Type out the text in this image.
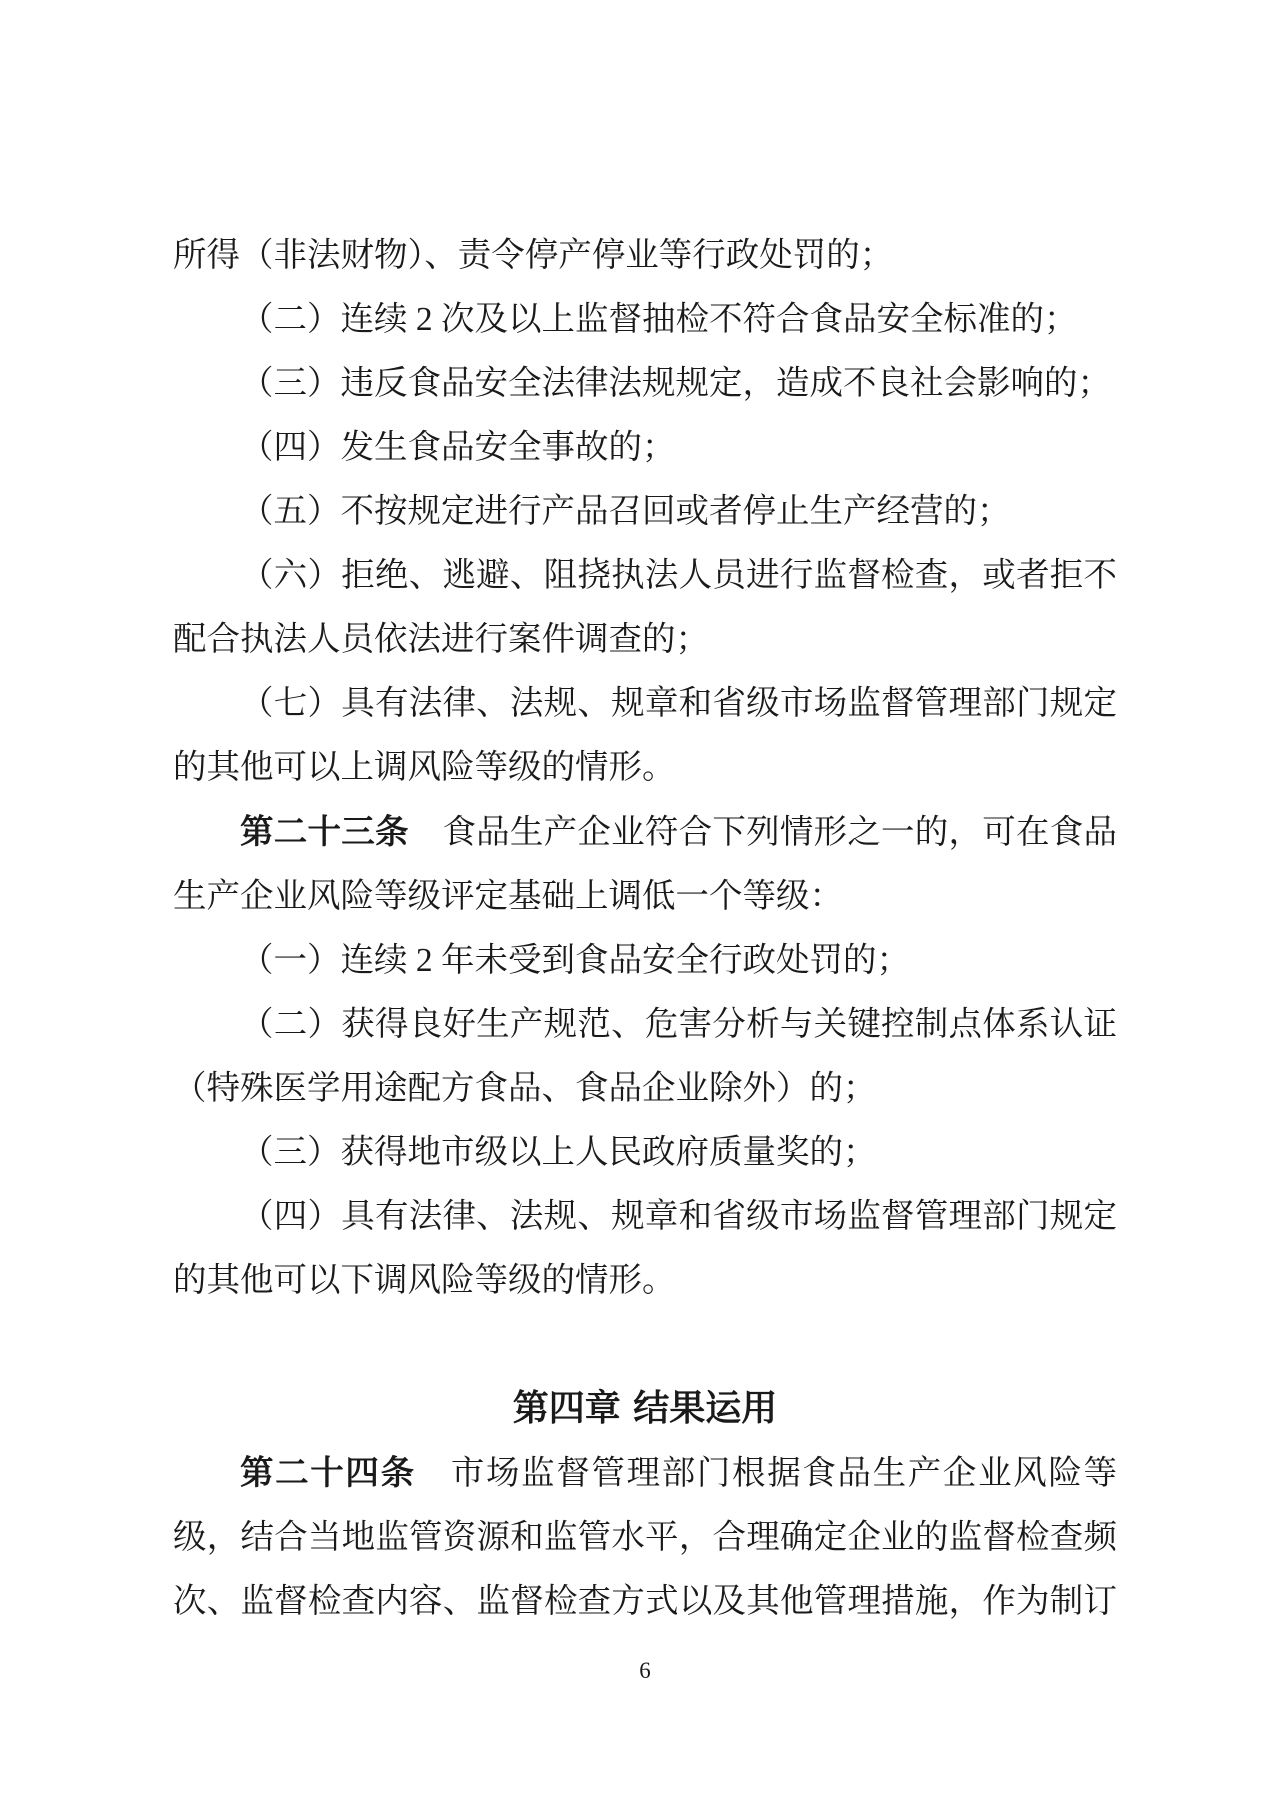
所得（非法财物）、责令停产停业等行政处罚的；
（二）连续 2 次及以上监督抽检不符合食品安全标准的；
（三）违反食品安全法律法规规定，造成不良社会影响的；
（四）发生食品安全事故的；
（五）不按规定进行产品召回或者停止生产经营的；
（六）拒绝、逃避、阻挠执法人员进行监督检查，或者拒不
配合执法人员依法进行案件调查的；
（七）具有法律、法规、规章和省级市场监督管理部门规定
的其他可以上调风险等级的情形。
第二十三条　食品生产企业符合下列情形之一的，可在食品
生产企业风险等级评定基础上调低一个等级：
（一）连续 2 年未受到食品安全行政处罚的；
（二）获得良好生产规范、危害分析与关键控制点体系认证
（特殊医学用途配方食品、食品企业除外）的；
（三）获得地市级以上人民政府质量奖的；
（四）具有法律、法规、规章和省级市场监督管理部门规定
的其他可以下调风险等级的情形。
第四章 结果运用
第二十四条　市场监督管理部门根据食品生产企业风险等
级，结合当地监管资源和监管水平，合理确定企业的监督检查频
次、监督检查内容、监督检查方式以及其他管理措施，作为制订
6
